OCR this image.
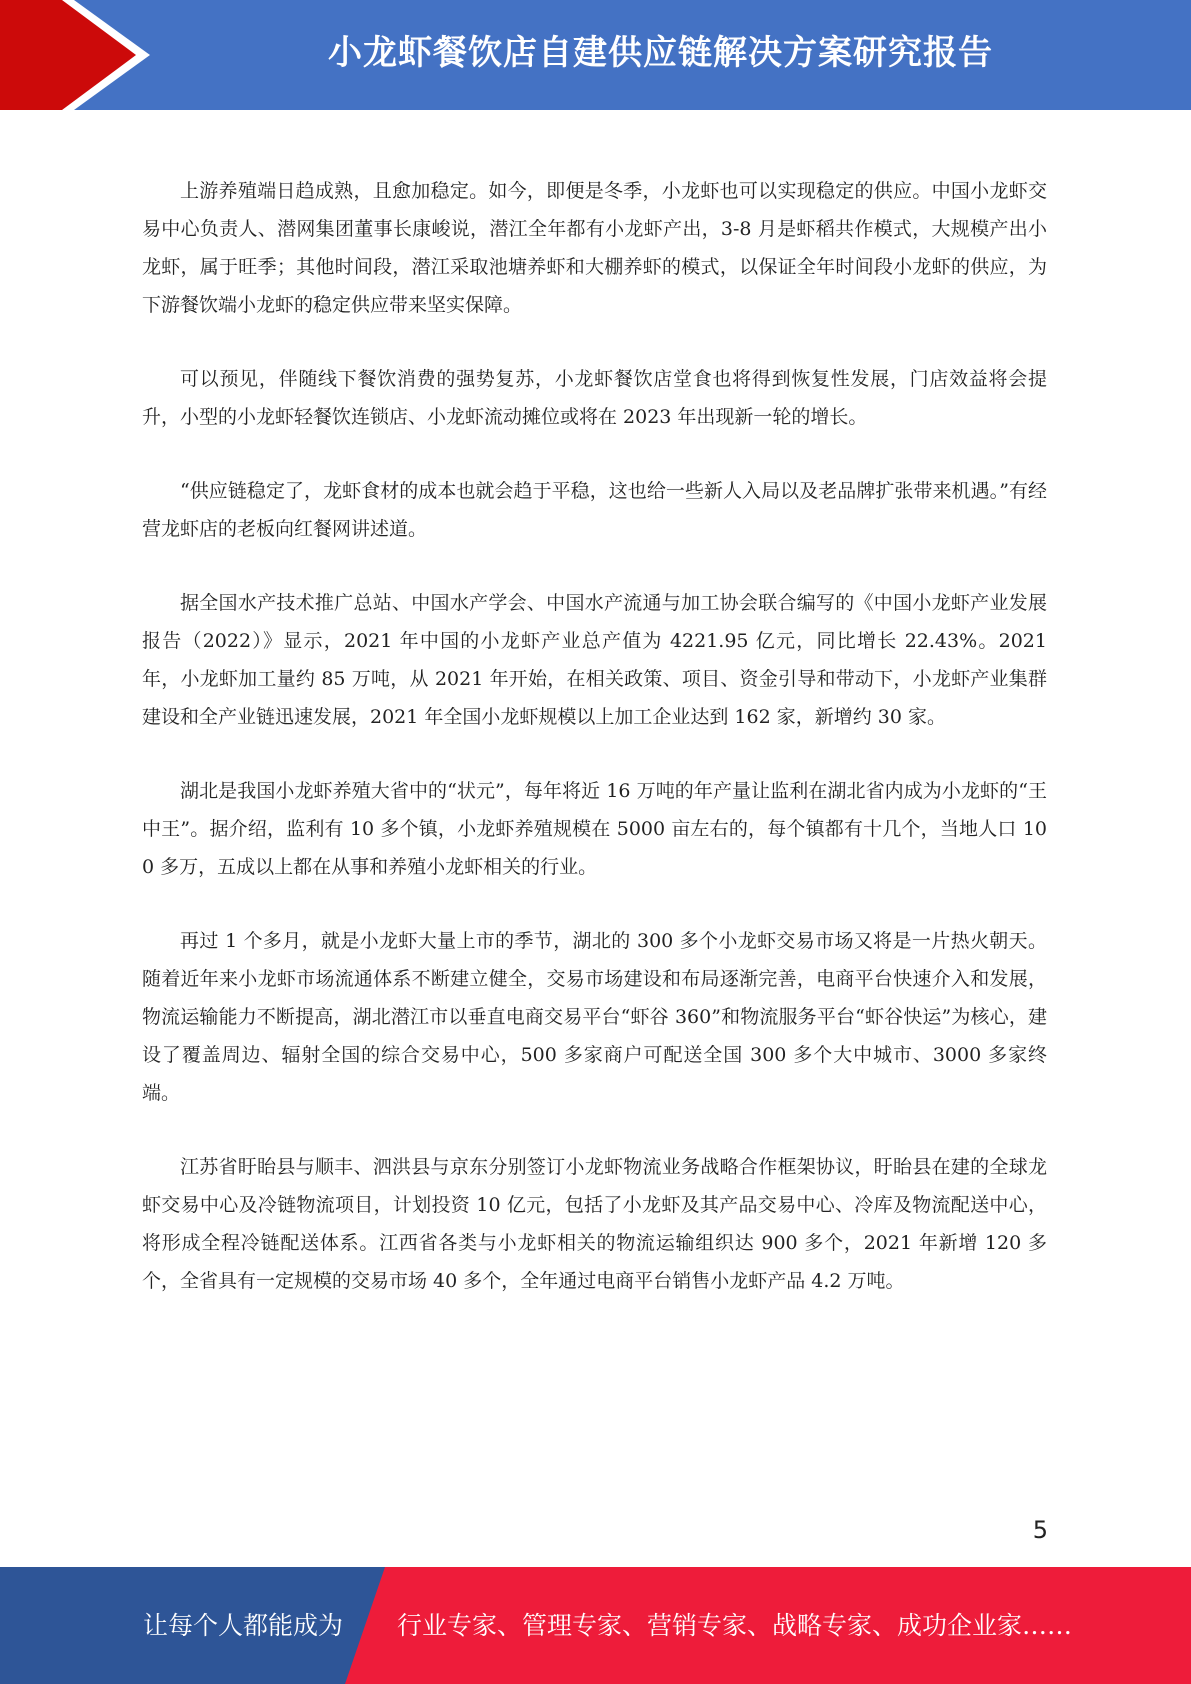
小龙虾餐饮店自建供应链解决方案研究报告

上游养殖端日趋成熟，且愈加稳定。如今，即便是冬季，小龙虾也可以实现稳定的供应。中国小龙虾交易中心负责人、潜网集团董事长康峻说，潜江全年都有小龙虾产出，3-8 月是虾稻共作模式，大规模产出小龙虾，属于旺季；其他时间段，潜江采取池塘养虾和大棚养虾的模式，以保证全年时间段小龙虾的供应，为下游餐饮端小龙虾的稳定供应带来坚实保障。

可以预见，伴随线下餐饮消费的强势复苏，小龙虾餐饮店堂食也将得到恢复性发展，门店效益将会提升，小型的小龙虾轻餐饮连锁店、小龙虾流动摊位或将在 2023 年出现新一轮的增长。

“供应链稳定了，龙虾食材的成本也就会趋于平稳，这也给一些新人入局以及老品牌扩张带来机遇。”有经营龙虾店的老板向红餐网讲述道。

据全国水产技术推广总站、中国水产学会、中国水产流通与加工协会联合编写的《中国小龙虾产业发展报告（2022）》显示，2021 年中国的小龙虾产业总产值为 4221.95 亿元，同比增长 22.43%。2021 年，小龙虾加工量约 85 万吨，从 2021 年开始，在相关政策、项目、资金引导和带动下，小龙虾产业集群建设和全产业链迅速发展，2021 年全国小龙虾规模以上加工企业达到 162 家，新增约 30 家。

湖北是我国小龙虾养殖大省中的“状元”，每年将近 16 万吨的年产量让监利在湖北省内成为小龙虾的“王中王”。据介绍，监利有 10 多个镇，小龙虾养殖规模在 5000 亩左右的，每个镇都有十几个，当地人口 100 多万，五成以上都在从事和养殖小龙虾相关的行业。

再过 1 个多月，就是小龙虾大量上市的季节，湖北的 300 多个小龙虾交易市场又将是一片热火朝天。随着近年来小龙虾市场流通体系不断建立健全，交易市场建设和布局逐渐完善，电商平台快速介入和发展，物流运输能力不断提高，湖北潜江市以垂直电商交易平台“虾谷 360”和物流服务平台“虾谷快运”为核心，建设了覆盖周边、辐射全国的综合交易中心，500 多家商户可配送全国 300 多个大中城市、3000 多家终端。

江苏省盱眙县与顺丰、泗洪县与京东分别签订小龙虾物流业务战略合作框架协议，盱眙县在建的全球龙虾交易中心及冷链物流项目，计划投资 10 亿元，包括了小龙虾及其产品交易中心、冷库及物流配送中心，将形成全程冷链配送体系。江西省各类与小龙虾相关的物流运输组织达 900 多个，2021 年新增 120 多个，全省具有一定规模的交易市场 40 多个，全年通过电商平台销售小龙虾产品 4.2 万吨。

5
让每个人都能成为 行业专家、管理专家、营销专家、战略专家、成功企业家……
